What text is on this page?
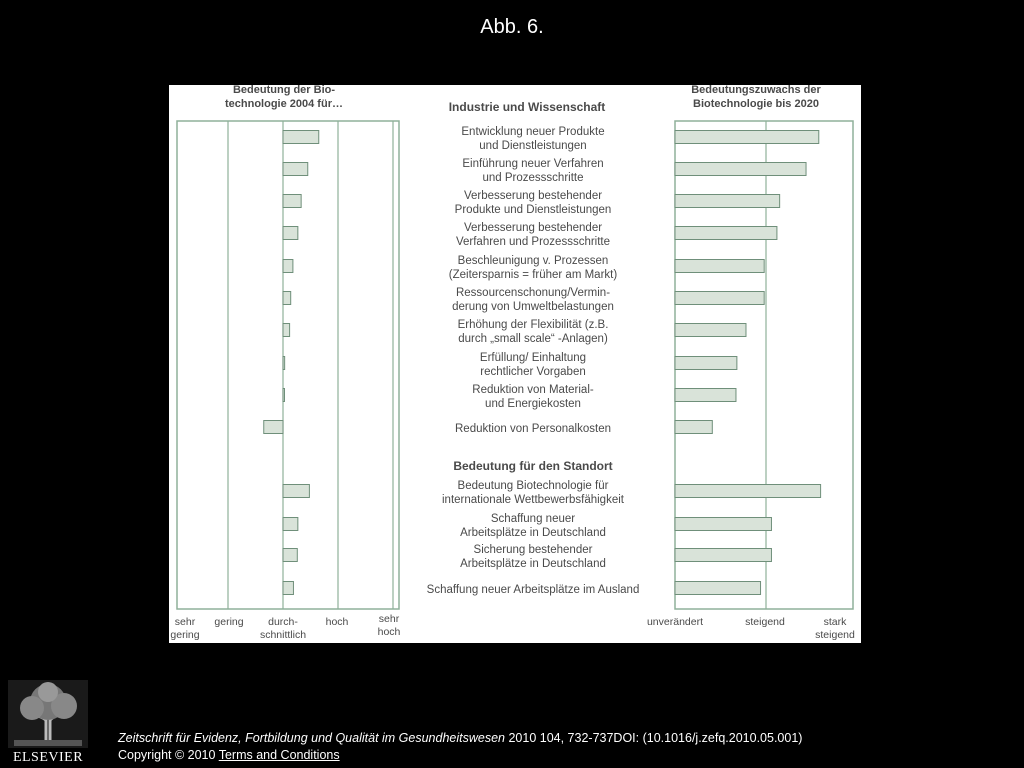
Abb. 6.
Bedeutung der Bio-technologie 2004 für…
Bedeutungszuwachs der Biotechnologie bis 2020
Industrie und Wissenschaft
Bedeutung für den Standort
Entwicklung neuer Produkte und Dienstleistungen
Einführung neuer Verfahren und Prozessschritte
Verbesserung bestehender Produkte und Dienstleistungen
Verbesserung bestehender Verfahren und Prozessschritte
Beschleunigung v. Prozessen (Zeitersparnis = früher am Markt)
Ressourcenschonung/Vermin-derung von Umweltbelastungen
Erhöhung der Flexibilität (z.B. durch „small scale“ -Anlagen)
Erfüllung/ Einhaltung rechtlicher Vorgaben
Reduktion von Material-und Energiekosten
Reduktion von Personalkosten
Bedeutung Biotechnologie für internationale Wettbewerbsfähigkeit
Schaffung neuer Arbeitsplätze in Deutschland
Sicherung bestehender Arbeitsplätze in Deutschland
Schaffung neuer Arbeitsplätze im Ausland
sehr gering
gering	durch-schnittlich
hoch	sehr hoch
unverändert	steigend	stark steigend
ELSEVIER
Zeitschrift für Evidenz, Fortbildung und Qualität im Gesundheitswesen 2010 104, 732-737DOI: (10.1016/j.zefq.2010.05.001)
Copyright © 2010 Terms and Conditions
